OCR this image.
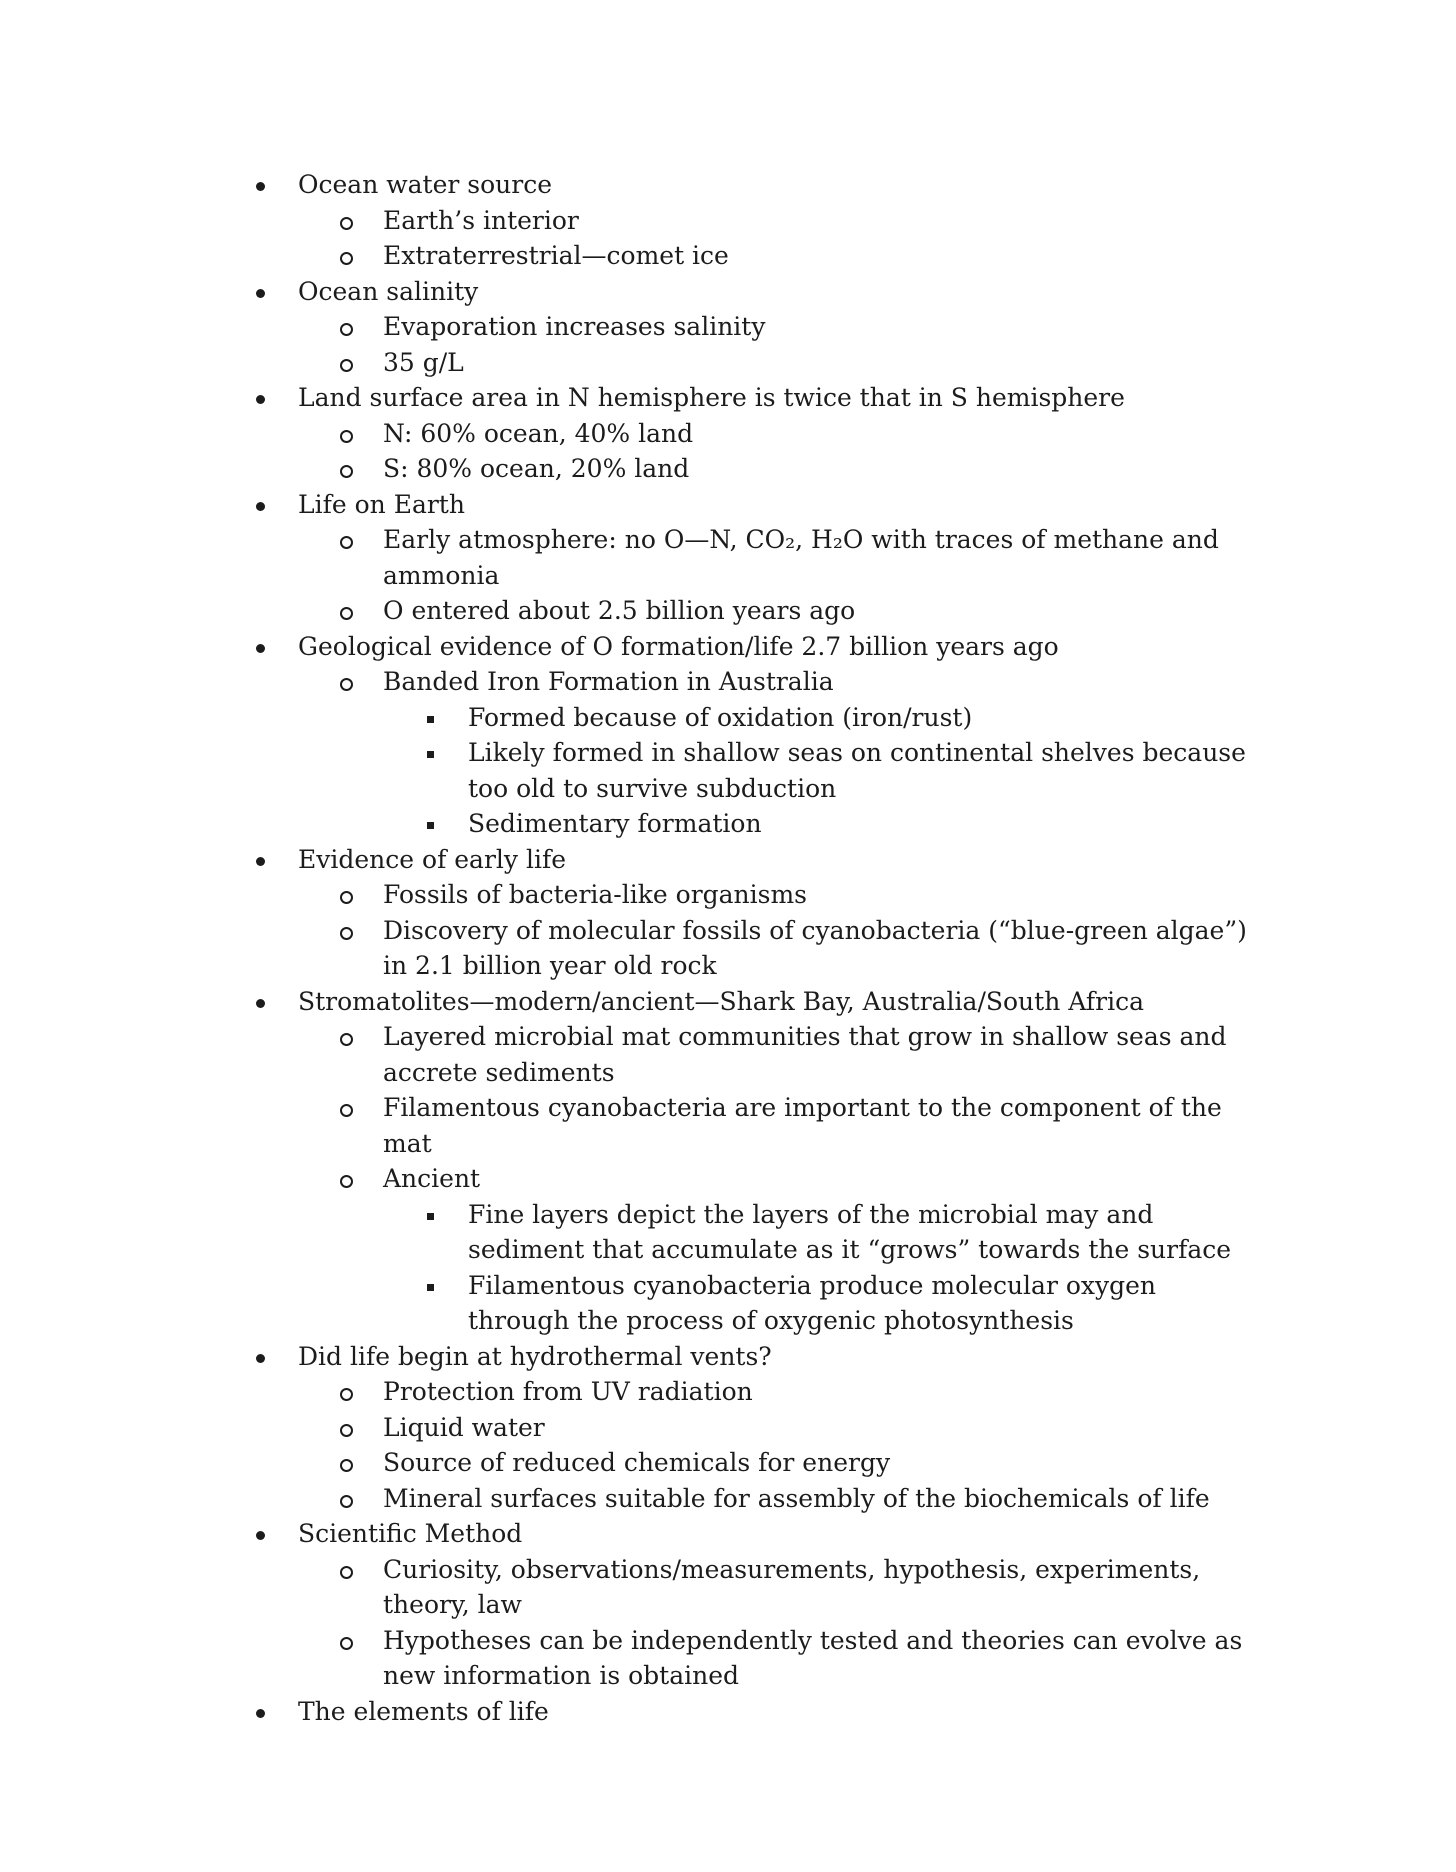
Ocean water source
Earth’s interior
Extraterrestrial—comet ice
Ocean salinity
Evaporation increases salinity
35 g/L
Land surface area in N hemisphere is twice that in S hemisphere
N: 60% ocean, 40% land
S: 80% ocean, 20% land
Life on Earth
Early atmosphere: no O—N, CO₂, H₂O with traces of methane and ammonia
O entered about 2.5 billion years ago
Geological evidence of O formation/life 2.7 billion years ago
Banded Iron Formation in Australia
Formed because of oxidation (iron/rust)
Likely formed in shallow seas on continental shelves because too old to survive subduction
Sedimentary formation
Evidence of early life
Fossils of bacteria-like organisms
Discovery of molecular fossils of cyanobacteria (“blue-green algae”) in 2.1 billion year old rock
Stromatolites—modern/ancient—Shark Bay, Australia/South Africa
Layered microbial mat communities that grow in shallow seas and accrete sediments
Filamentous cyanobacteria are important to the component of the mat
Ancient
Fine layers depict the layers of the microbial may and sediment that accumulate as it “grows” towards the surface
Filamentous cyanobacteria produce molecular oxygen through the process of oxygenic photosynthesis
Did life begin at hydrothermal vents?
Protection from UV radiation
Liquid water
Source of reduced chemicals for energy
Mineral surfaces suitable for assembly of the biochemicals of life
Scientific Method
Curiosity, observations/measurements, hypothesis, experiments, theory, law
Hypotheses can be independently tested and theories can evolve as new information is obtained
The elements of life
